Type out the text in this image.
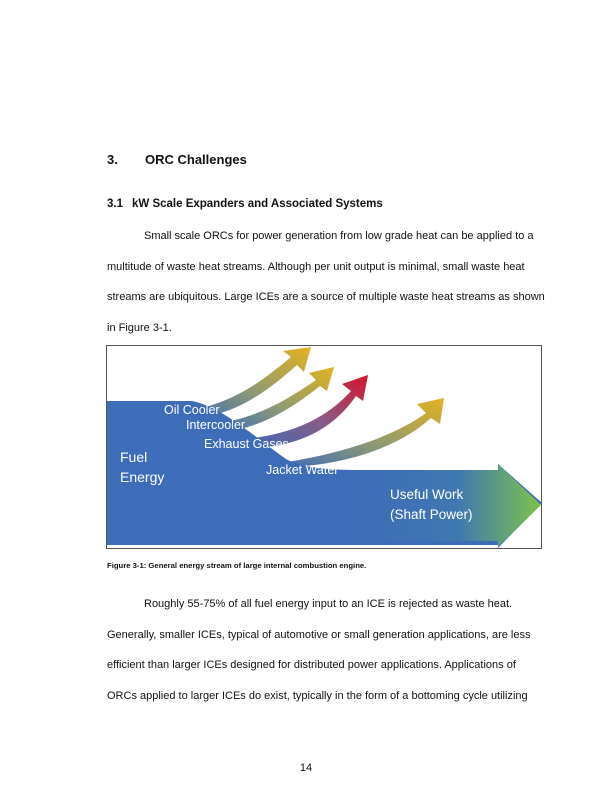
3. ORC Challenges
3.1 kW Scale Expanders and Associated Systems

Small scale ORCs for power generation from low grade heat can be applied to a
multitude of waste heat streams. Although per unit output is minimal, small waste heat
streams are ubiquitous. Large ICEs are a source of multiple waste heat streams as shown
in Figure 3-1.

Oil Cooler
Intercooler
Exhaust Gases
Fuel
Energy	Jacket Water
Useful Work
(Shaft Power)
Figure 3-1: General energy stream of large internal combustion engine.

Roughly 55-75% of all fuel energy input to an ICE is rejected as waste heat.
Generally, smaller ICEs, typical of automotive or small generation applications, are less
efficient than larger ICEs designed for distributed power applications. Applications of
ORCs applied to larger ICEs do exist, typically in the form of a bottoming cycle utilizing

14
